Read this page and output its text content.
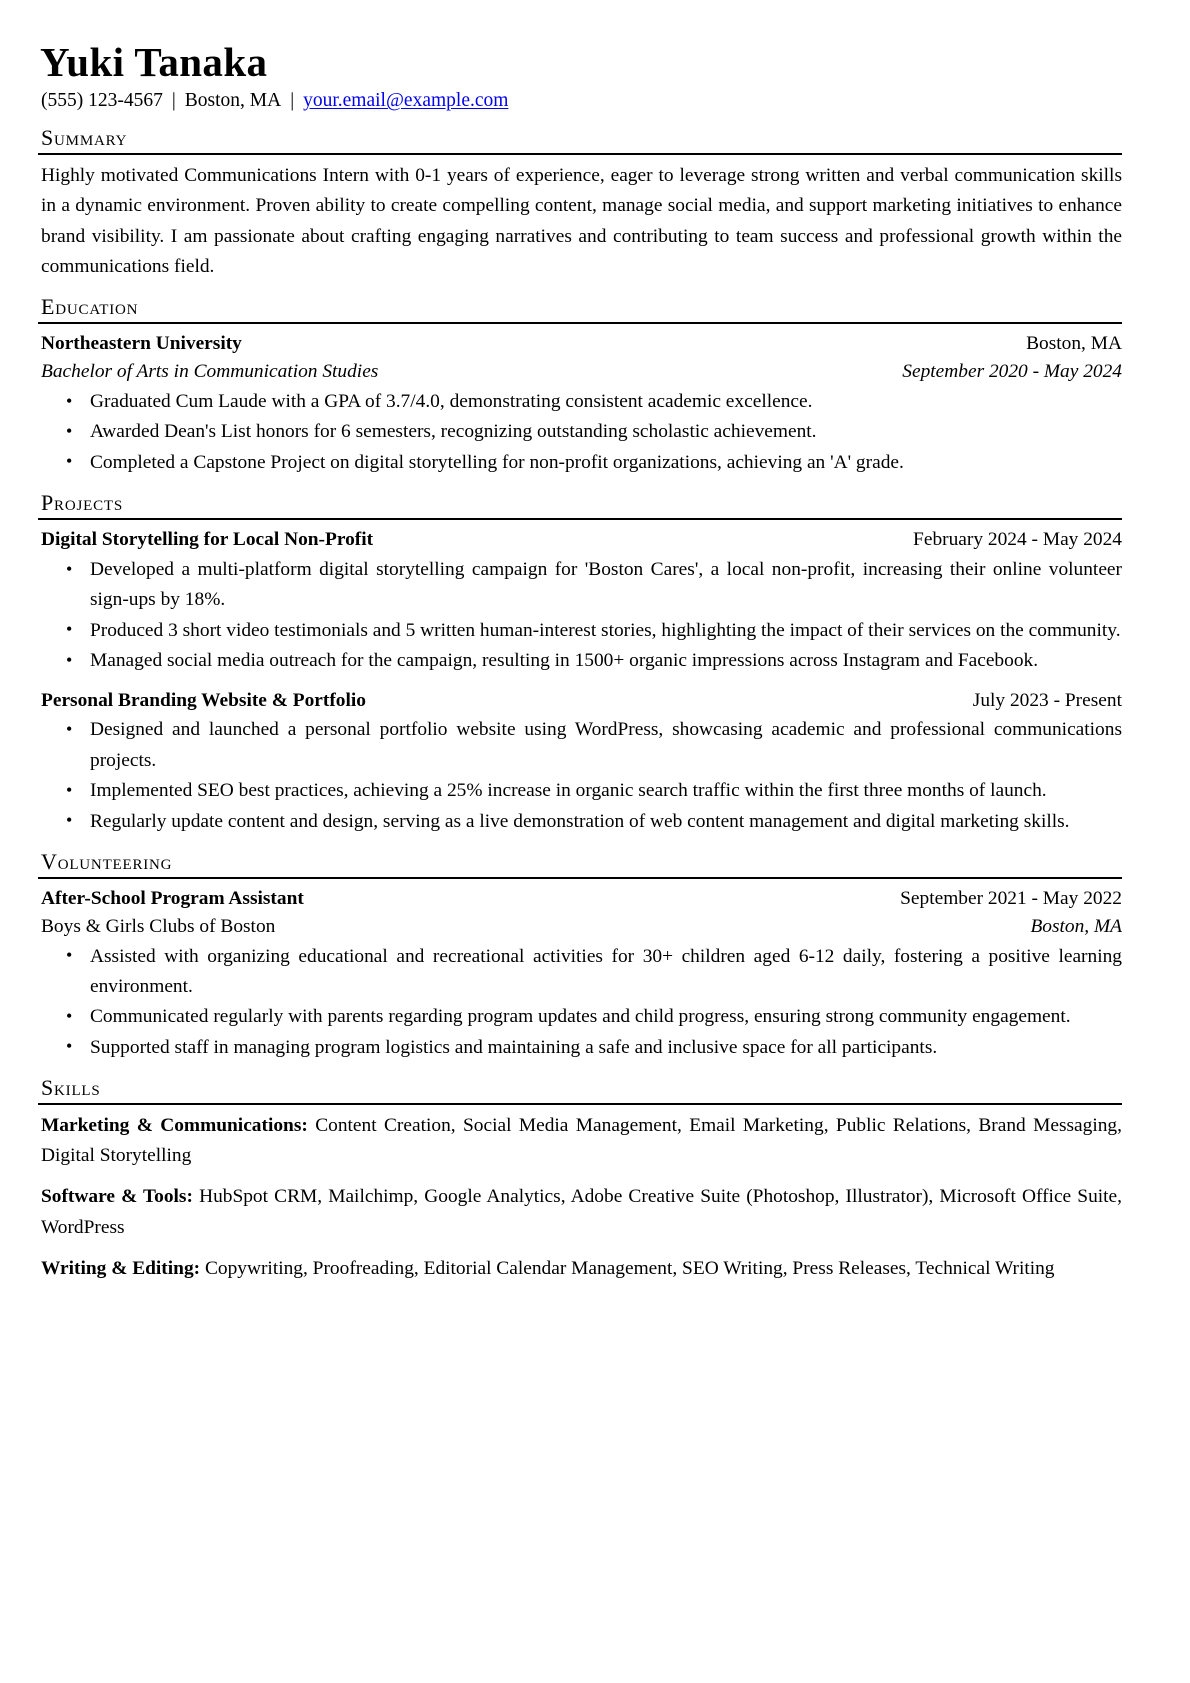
Yuki Tanaka
(555) 123-4567 | Boston, MA | your.email@example.com
Summary

Highly motivated Communications Intern with 0-1 years of experience, eager to leverage strong written and verbal communication skills in a dynamic environment. Proven ability to create compelling content, manage social media, and support marketing initiatives to enhance brand visibility. I am passionate about crafting engaging narratives and contributing to team success and professional growth within the communications field.

Education
Northeastern University	Boston, MA
Bachelor of Arts in Communication Studies	September 2020 - May 2024
• Graduated Cum Laude with a GPA of 3.7/4.0, demonstrating consistent academic excellence.
• Awarded Dean's List honors for 6 semesters, recognizing outstanding scholastic achievement.
• Completed a Capstone Project on digital storytelling for non-profit organizations, achieving an 'A' grade.
Projects
Digital Storytelling for Local Non-Profit	February 2024 - May 2024
• Developed a multi-platform digital storytelling campaign for 'Boston Cares', a local non-profit, increasing their online volunteer sign-ups by 18%.
• Produced 3 short video testimonials and 5 written human-interest stories, highlighting the impact of their services on the community.
• Managed social media outreach for the campaign, resulting in 1500+ organic impressions across Instagram and Facebook.
Personal Branding Website & Portfolio	July 2023 - Present
• Designed and launched a personal portfolio website using WordPress, showcasing academic and professional communications projects.
• Implemented SEO best practices, achieving a 25% increase in organic search traffic within the first three months of launch.
• Regularly update content and design, serving as a live demonstration of web content management and digital marketing skills.
Volunteering
After-School Program Assistant	September 2021 - May 2022
Boys & Girls Clubs of Boston	Boston, MA
• Assisted with organizing educational and recreational activities for 30+ children aged 6-12 daily, fostering a positive learning environment.
• Communicated regularly with parents regarding program updates and child progress, ensuring strong community engagement.
• Supported staff in managing program logistics and maintaining a safe and inclusive space for all participants.
Skills

Marketing & Communications: Content Creation, Social Media Management, Email Marketing, Public Relations, Brand Messaging, Digital Storytelling

Software & Tools: HubSpot CRM, Mailchimp, Google Analytics, Adobe Creative Suite (Photoshop, Illustrator), Microsoft Office Suite, WordPress

Writing & Editing: Copywriting, Proofreading, Editorial Calendar Management, SEO Writing, Press Releases, Technical Writing
